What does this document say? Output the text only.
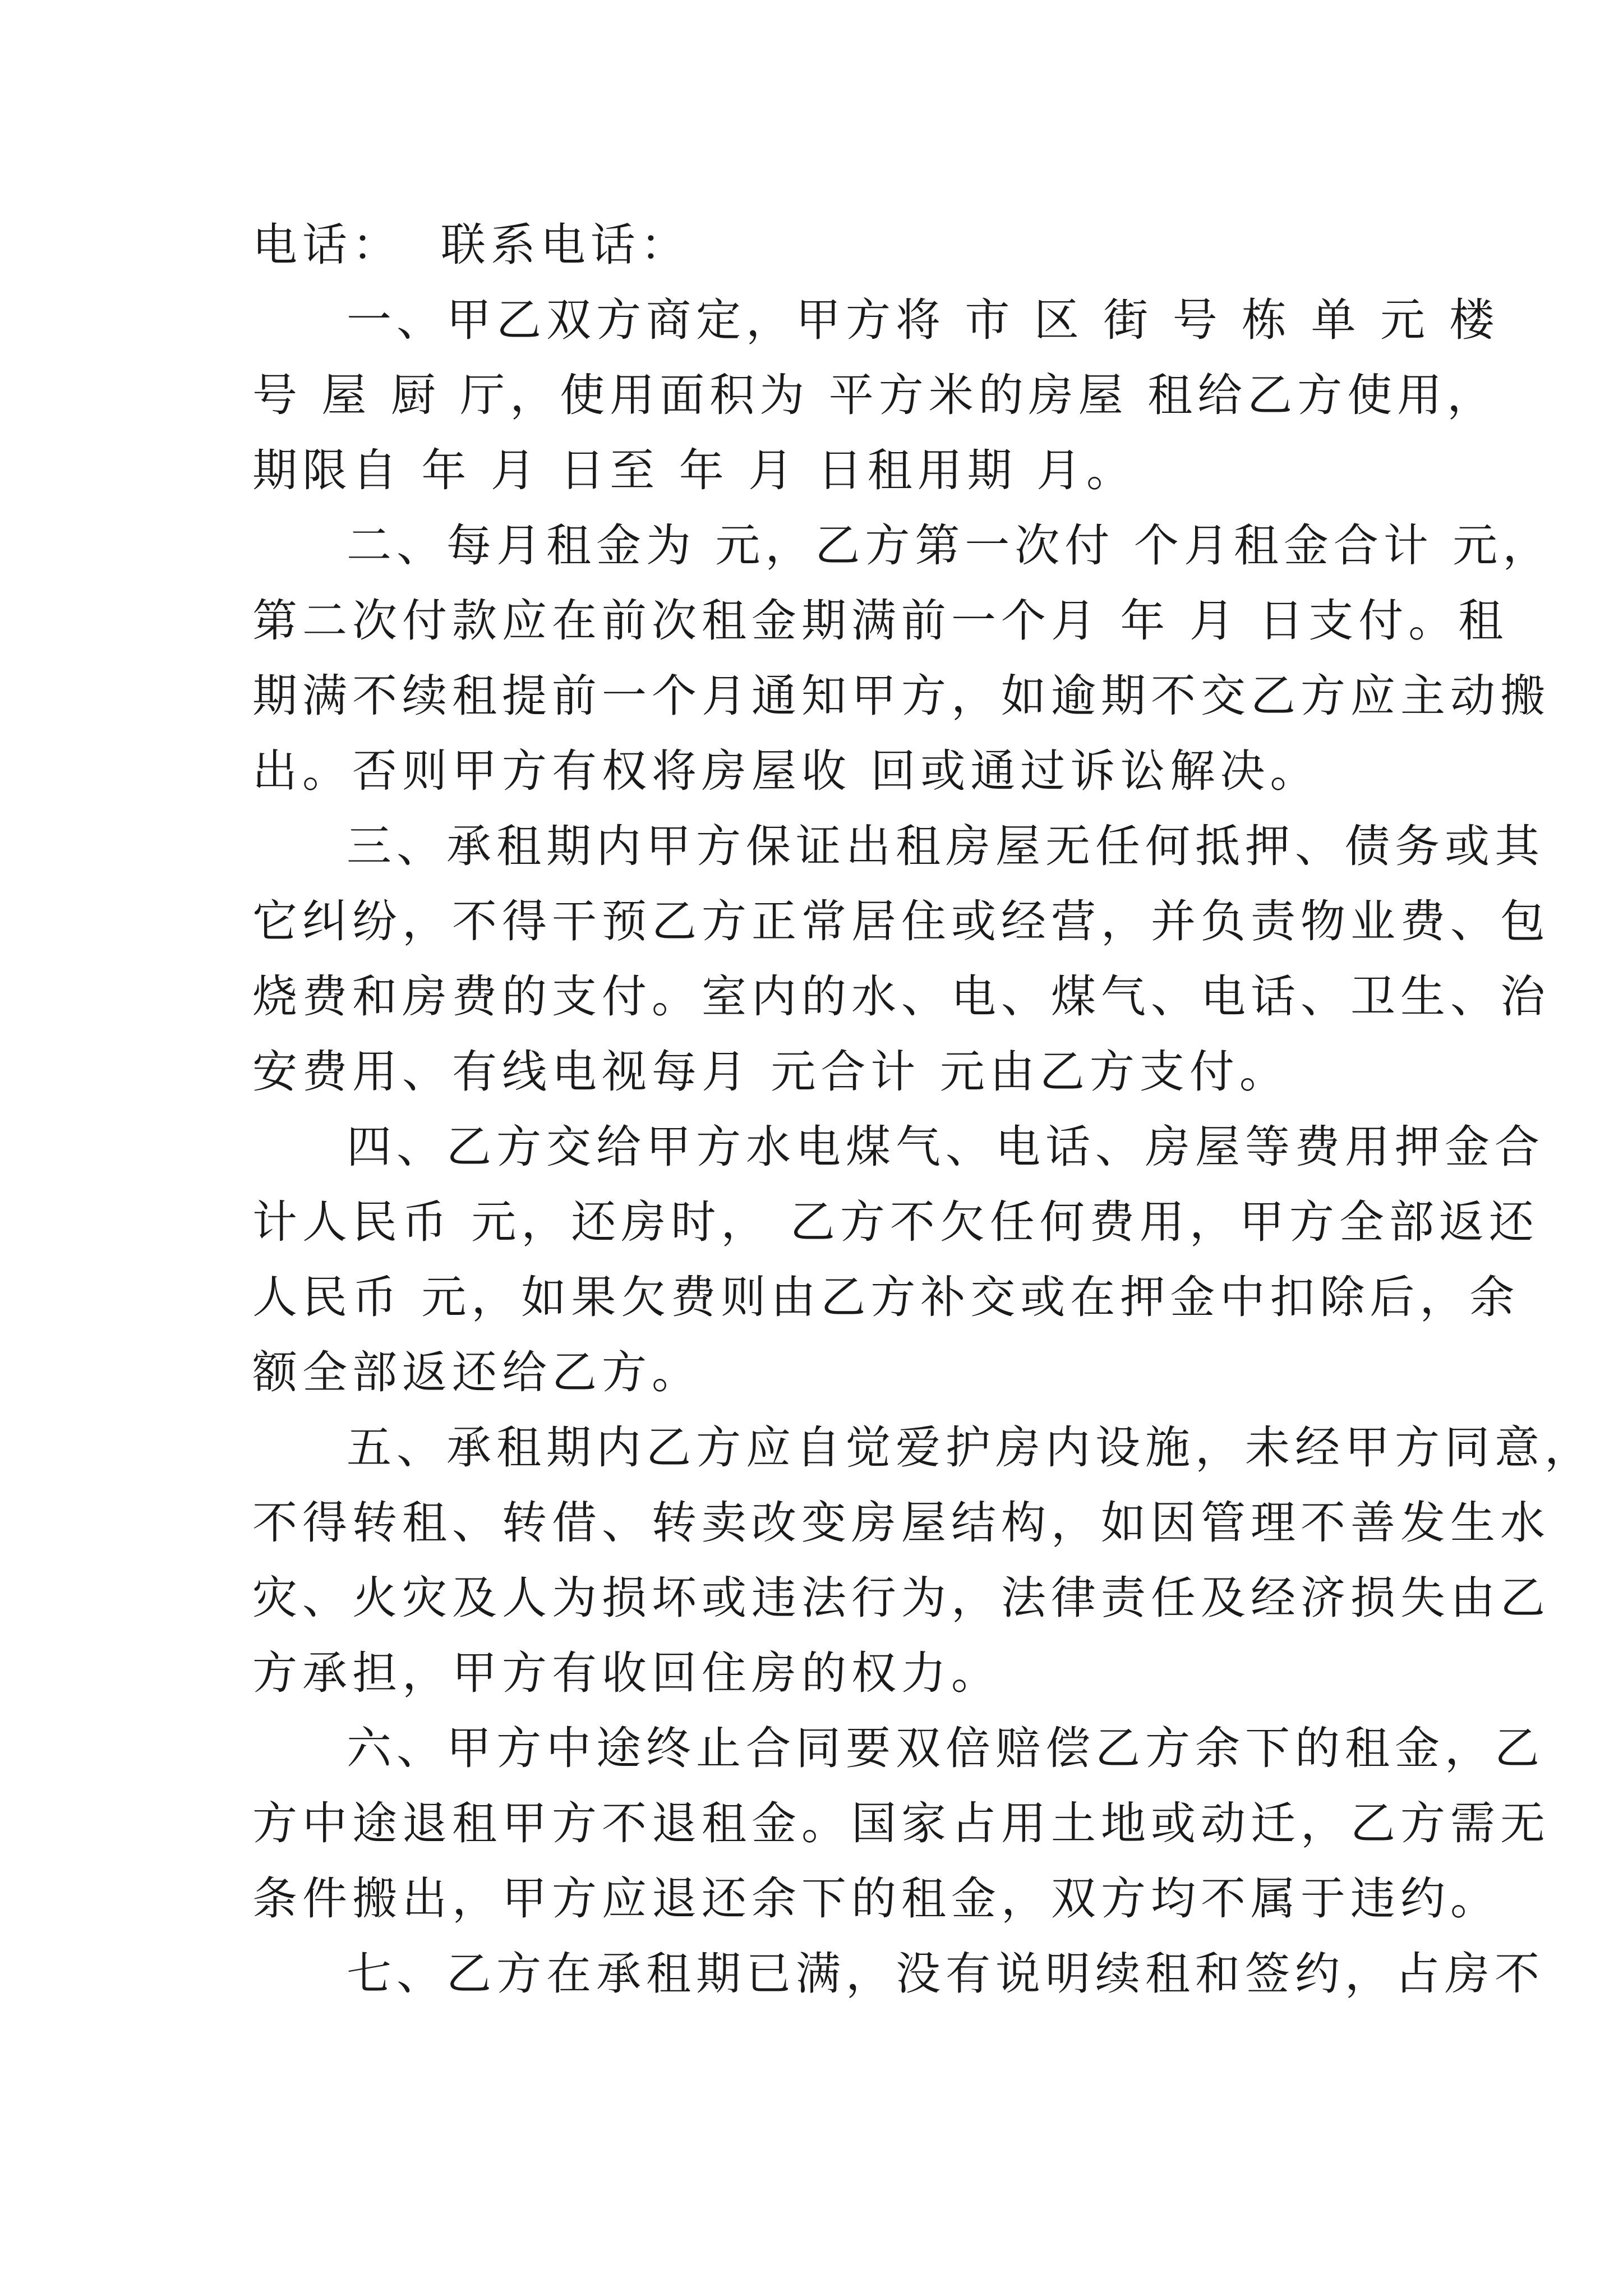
电话：  联系电话：
一、甲乙双方商定，甲方将 市 区 街 号 栋 单 元 楼
号 屋 厨 厅，使用面积为 平方米的房屋 租给乙方使用，
期限自 年 月 日至 年 月 日租用期 月。
二、每月租金为 元，乙方第一次付 个月租金合计 元，
第二次付款应在前次租金期满前一个月 年 月 日支付。租
期满不续租提前一个月通知甲方，如逾期不交乙方应主动搬
出。否则甲方有权将房屋收 回或通过诉讼解决。
三、承租期内甲方保证出租房屋无任何抵押、债务或其
它纠纷，不得干预乙方正常居住或经营，并负责物业费、包
烧费和房费的支付。室内的水、电、煤气、电话、卫生、治
安费用、有线电视每月 元合计 元由乙方支付。
四、乙方交给甲方水电煤气、电话、房屋等费用押金合
计人民币 元，还房时， 乙方不欠任何费用，甲方全部返还
人民币 元，如果欠费则由乙方补交或在押金中扣除后，余
额全部返还给乙方。
五、承租期内乙方应自觉爱护房内设施，未经甲方同意，
不得转租、转借、转卖改变房屋结构，如因管理不善发生水
灾、火灾及人为损坏或违法行为，法律责任及经济损失由乙
方承担，甲方有收回住房的权力。
六、甲方中途终止合同要双倍赔偿乙方余下的租金，乙
方中途退租甲方不退租金。国家占用土地或动迁，乙方需无
条件搬出，甲方应退还余下的租金，双方均不属于违约。
七、乙方在承租期已满，没有说明续租和签约，占房不
